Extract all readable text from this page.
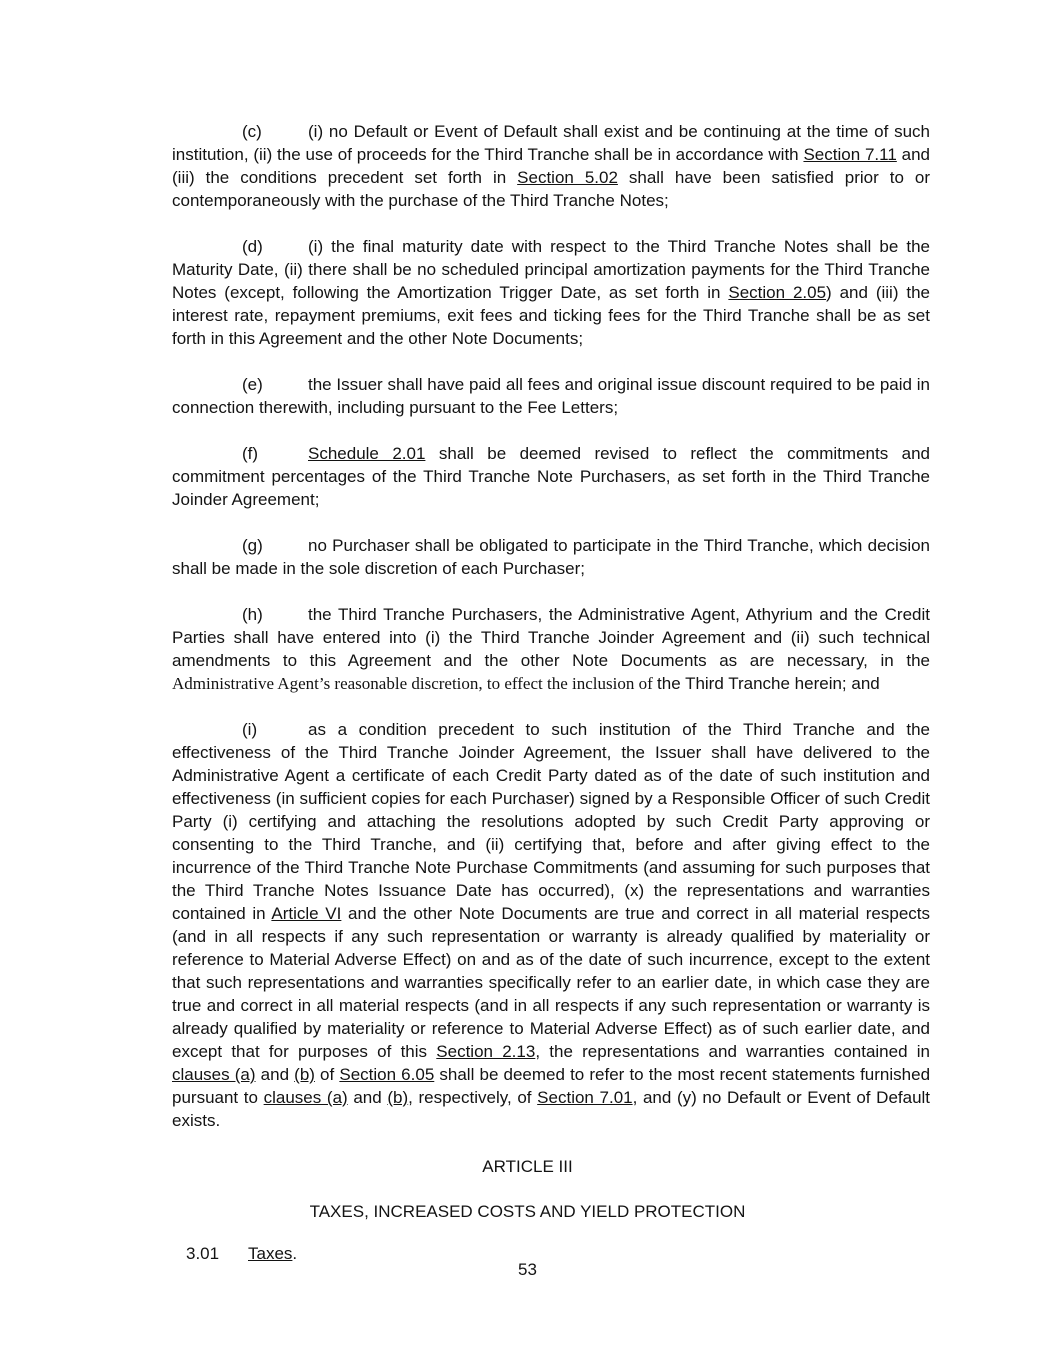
(c)	(i) no Default or Event of Default shall exist and be continuing at the time of such institution, (ii) the use of proceeds for the Third Tranche shall be in accordance with Section 7.11 and (iii) the conditions precedent set forth in Section 5.02 shall have been satisfied prior to or contemporaneously with the purchase of the Third Tranche Notes;

(d)	(i) the final maturity date with respect to the Third Tranche Notes shall be the Maturity Date, (ii) there shall be no scheduled principal amortization payments for the Third Tranche Notes (except, following the Amortization Trigger Date, as set forth in Section 2.05) and (iii) the interest rate, repayment premiums, exit fees and ticking fees for the Third Tranche shall be as set forth in this Agreement and the other Note Documents;

(e)	the Issuer shall have paid all fees and original issue discount required to be paid in connection therewith, including pursuant to the Fee Letters;

(f)	Schedule 2.01 shall be deemed revised to reflect the commitments and commitment percentages of the Third Tranche Note Purchasers, as set forth in the Third Tranche Joinder Agreement;

(g)	no Purchaser shall be obligated to participate in the Third Tranche, which decision shall be made in the sole discretion of each Purchaser;

(h)	the Third Tranche Purchasers, the Administrative Agent, Athyrium and the Credit Parties shall have entered into (i) the Third Tranche Joinder Agreement and (ii) such technical amendments to this Agreement and the other Note Documents as are necessary, in the Administrative Agent’s reasonable discretion, to effect the inclusion of the Third Tranche herein; and

(i)	as a condition precedent to such institution of the Third Tranche and the effectiveness of the Third Tranche Joinder Agreement, the Issuer shall have delivered to the Administrative Agent a certificate of each Credit Party dated as of the date of such institution and effectiveness (in sufficient copies for each Purchaser) signed by a Responsible Officer of such Credit Party (i) certifying and attaching the resolutions adopted by such Credit Party approving or consenting to the Third Tranche, and (ii) certifying that, before and after giving effect to the incurrence of the Third Tranche Note Purchase Commitments (and assuming for such purposes that the Third Tranche Notes Issuance Date has occurred), (x) the representations and warranties contained in Article VI and the other Note Documents are true and correct in all material respects (and in all respects if any such representation or warranty is already qualified by materiality or reference to Material Adverse Effect) on and as of the date of such incurrence, except to the extent that such representations and warranties specifically refer to an earlier date, in which case they are true and correct in all material respects (and in all respects if any such representation or warranty is already qualified by materiality or reference to Material Adverse Effect) as of such earlier date, and except that for purposes of this Section 2.13, the representations and warranties contained in clauses (a) and (b) of Section 6.05 shall be deemed to refer to the most recent statements furnished pursuant to clauses (a) and (b), respectively, of Section 7.01, and (y) no Default or Event of Default exists.

ARTICLE III
TAXES, INCREASED COSTS AND YIELD PROTECTION
3.01 Taxes.
53
